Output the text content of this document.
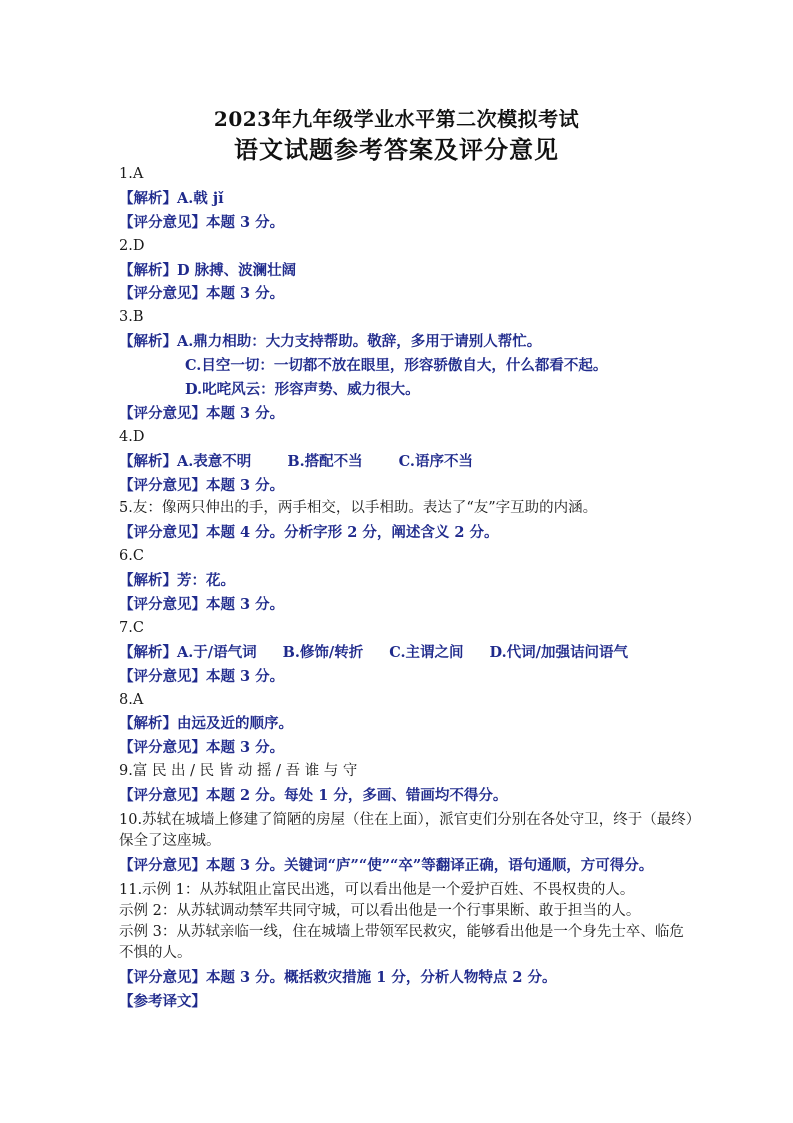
2023年九年级学业水平第二次模拟考试
语文试题参考答案及评分意见
1.A
【解析】A.戟 jǐ
【评分意见】本题 3 分。
2.D
【解析】D 脉搏、波澜壮阔
【评分意见】本题 3 分。
3.B
【解析】A.鼎力相助：大力支持帮助。敬辞，多用于请别人帮忙。
C.目空一切：一切都不放在眼里，形容骄傲自大，什么都看不起。
D.叱咤风云：形容声势、威力很大。
【评分意见】本题 3 分。
4.D
【解析】A.表意不明 B.搭配不当 C.语序不当
【评分意见】本题 3 分。
5.友：像两只伸出的手，两手相交，以手相助。表达了“友”字互助的内涵。
【评分意见】本题 4 分。分析字形 2 分，阐述含义 2 分。
6.C
【解析】芳：花。
【评分意见】本题 3 分。
7.C
【解析】A.于/语气词 B.修饰/转折 C.主谓之间 D.代词/加强诘问语气
【评分意见】本题 3 分。
8.A
【解析】由远及近的顺序。
【评分意见】本题 3 分。
9.富 民 出 / 民 皆 动 摇 / 吾 谁 与 守
【评分意见】本题 2 分。每处 1 分，多画、错画均不得分。
10.苏轼在城墙上修建了简陋的房屋（住在上面），派官吏们分别在各处守卫，终于（最终）保全了这座城。
【评分意见】本题 3 分。关键词“庐”“使”“卒”等翻译正确，语句通顺，方可得分。
11.示例 1：从苏轼阻止富民出逃，可以看出他是一个爱护百姓、不畏权贵的人。
示例 2：从苏轼调动禁军共同守城，可以看出他是一个行事果断、敢于担当的人。
示例 3：从苏轼亲临一线，住在城墙上带领军民救灾，能够看出他是一个身先士卒、临危不惧的人。
【评分意见】本题 3 分。概括救灾措施 1 分，分析人物特点 2 分。
【参考译文】
